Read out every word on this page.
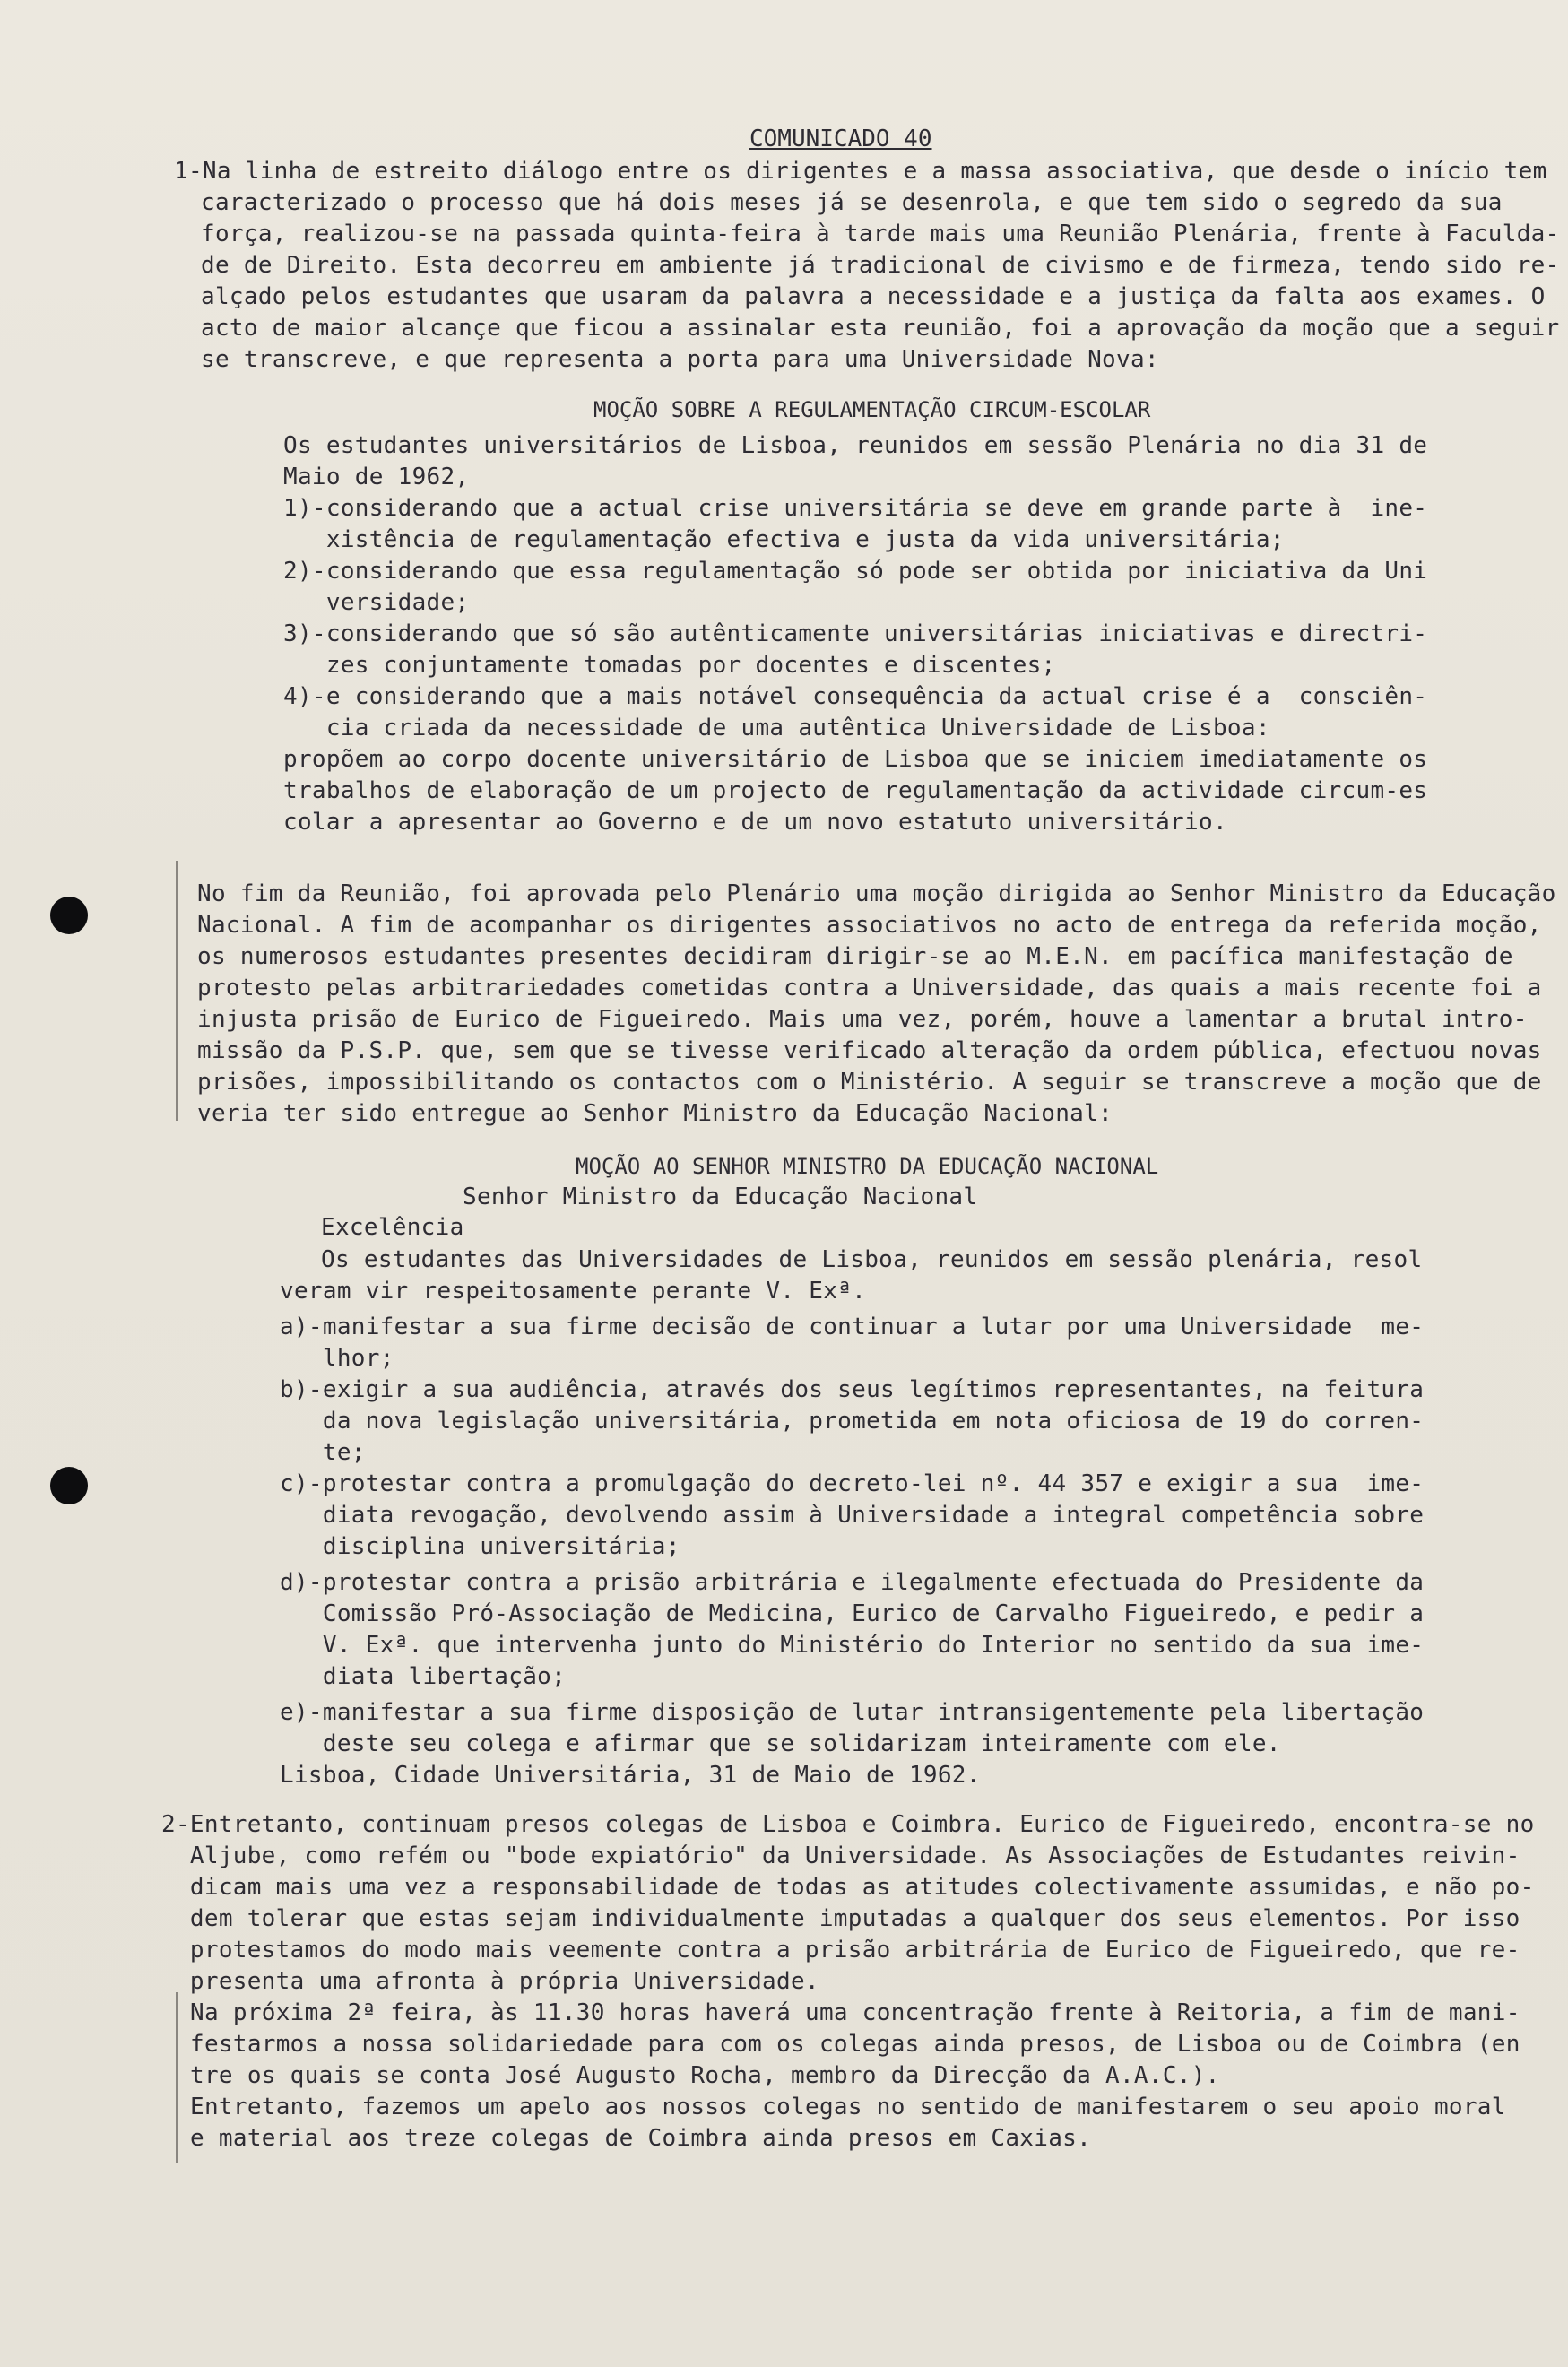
COMUNICADO 40
1-Na linha de estreito diálogo entre os dirigentes e a massa associativa, que desde o início tem
caracterizado o processo que há dois meses já se desenrola, e que tem sido o segredo da sua
força, realizou-se na passada quinta-feira à tarde mais uma Reunião Plenária, frente à Faculda-
de de Direito. Esta decorreu em ambiente já tradicional de civismo e de firmeza, tendo sido re-
alçado pelos estudantes que usaram da palavra a necessidade e a justiça da falta aos exames. O
acto de maior alcançe que ficou a assinalar esta reunião, foi a aprovação da moção que a seguir
se transcreve, e que representa a porta para uma Universidade Nova:
MOÇÃO SOBRE A REGULAMENTAÇÃO CIRCUM-ESCOLAR
Os estudantes universitários de Lisboa, reunidos em sessão Plenária no dia 31 de
Maio de 1962,
1)-considerando que a actual crise universitária se deve em grande parte à  ine-
xistência de regulamentação efectiva e justa da vida universitária;
2)-considerando que essa regulamentação só pode ser obtida por iniciativa da Uni
versidade;
3)-considerando que só são autênticamente universitárias iniciativas e directri-
zes conjuntamente tomadas por docentes e discentes;
4)-e considerando que a mais notável consequência da actual crise é a  consciên-
cia criada da necessidade de uma autêntica Universidade de Lisboa:
propõem ao corpo docente universitário de Lisboa que se iniciem imediatamente os
trabalhos de elaboração de um projecto de regulamentação da actividade circum-es
colar a apresentar ao Governo e de um novo estatuto universitário.
No fim da Reunião, foi aprovada pelo Plenário uma moção dirigida ao Senhor Ministro da Educação
Nacional. A fim de acompanhar os dirigentes associativos no acto de entrega da referida moção,
os numerosos estudantes presentes decidiram dirigir-se ao M.E.N. em pacífica manifestação de
protesto pelas arbitrariedades cometidas contra a Universidade, das quais a mais recente foi a
injusta prisão de Eurico de Figueiredo. Mais uma vez, porém, houve a lamentar a brutal intro-
missão da P.S.P. que, sem que se tivesse verificado alteração da ordem pública, efectuou novas
prisões, impossibilitando os contactos com o Ministério. A seguir se transcreve a moção que de
veria ter sido entregue ao Senhor Ministro da Educação Nacional:
MOÇÃO AO SENHOR MINISTRO DA EDUCAÇÃO NACIONAL
Senhor Ministro da Educação Nacional
Excelência
Os estudantes das Universidades de Lisboa, reunidos em sessão plenária, resol
veram vir respeitosamente perante V. Exª.
a)-manifestar a sua firme decisão de continuar a lutar por uma Universidade  me-
lhor;
b)-exigir a sua audiência, através dos seus legítimos representantes, na feitura
da nova legislação universitária, prometida em nota oficiosa de 19 do corren-
te;
c)-protestar contra a promulgação do decreto-lei nº. 44 357 e exigir a sua  ime-
diata revogação, devolvendo assim à Universidade a integral competência sobre
disciplina universitária;
d)-protestar contra a prisão arbitrária e ilegalmente efectuada do Presidente da
Comissão Pró-Associação de Medicina, Eurico de Carvalho Figueiredo, e pedir a
V. Exª. que intervenha junto do Ministério do Interior no sentido da sua ime-
diata libertação;
e)-manifestar a sua firme disposição de lutar intransigentemente pela libertação
deste seu colega e afirmar que se solidarizam inteiramente com ele.
Lisboa, Cidade Universitária, 31 de Maio de 1962.
2-Entretanto, continuam presos colegas de Lisboa e Coimbra. Eurico de Figueiredo, encontra-se no
Aljube, como refém ou "bode expiatório" da Universidade. As Associações de Estudantes reivin-
dicam mais uma vez a responsabilidade de todas as atitudes colectivamente assumidas, e não po-
dem tolerar que estas sejam individualmente imputadas a qualquer dos seus elementos. Por isso
protestamos do modo mais veemente contra a prisão arbitrária de Eurico de Figueiredo, que re-
presenta uma afronta à própria Universidade.
Na próxima 2ª feira, às 11.30 horas haverá uma concentração frente à Reitoria, a fim de mani-
festarmos a nossa solidariedade para com os colegas ainda presos, de Lisboa ou de Coimbra (en
tre os quais se conta José Augusto Rocha, membro da Direcção da A.A.C.).
Entretanto, fazemos um apelo aos nossos colegas no sentido de manifestarem o seu apoio moral
e material aos treze colegas de Coimbra ainda presos em Caxias.
